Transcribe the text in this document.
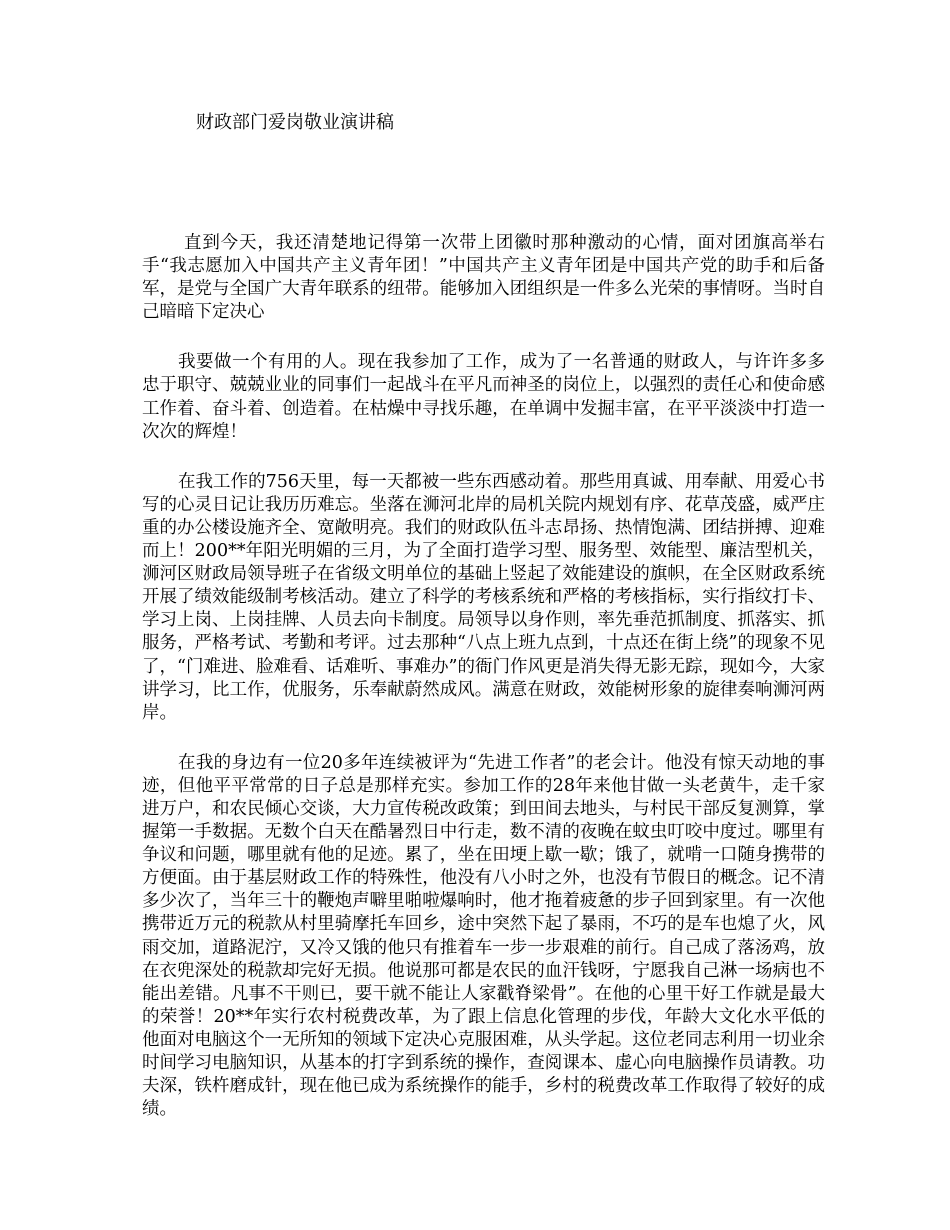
财政部门爱岗敬业演讲稿

直到今天，我还清楚地记得第一次带上团徽时那种激动的心情，面对团旗高举右手“我志愿加入中国共产主义青年团！”中国共产主义青年团是中国共产党的助手和后备军，是党与全国广大青年联系的纽带。能够加入团组织是一件多么光荣的事情呀。当时自己暗暗下定决心

我要做一个有用的人。现在我参加了工作，成为了一名普通的财政人，与许许多多忠于职守、兢兢业业的同事们一起战斗在平凡而神圣的岗位上，以强烈的责任心和使命感工作着、奋斗着、创造着。在枯燥中寻找乐趣，在单调中发掘丰富，在平平淡淡中打造一次次的辉煌！

在我工作的756天里，每一天都被一些东西感动着。那些用真诚、用奉献、用爱心书写的心灵日记让我历历难忘。坐落在浉河北岸的局机关院内规划有序、花草茂盛，威严庄重的办公楼设施齐全、宽敞明亮。我们的财政队伍斗志昂扬、热情饱满、团结拼搏、迎难而上！200**年阳光明媚的三月，为了全面打造学习型、服务型、效能型、廉洁型机关，浉河区财政局领导班子在省级文明单位的基础上竖起了效能建设的旗帜，在全区财政系统开展了绩效能级制考核活动。建立了科学的考核系统和严格的考核指标，实行指纹打卡、学习上岗、上岗挂牌、人员去向卡制度。局领导以身作则，率先垂范抓制度、抓落实、抓服务，严格考试、考勤和考评。过去那种“八点上班九点到，十点还在街上绕”的现象不见了，“门难进、脸难看、话难听、事难办”的衙门作风更是消失得无影无踪，现如今，大家讲学习，比工作，优服务，乐奉献蔚然成风。满意在财政，效能树形象的旋律奏响浉河两岸。

在我的身边有一位20多年连续被评为“先进工作者”的老会计。他没有惊天动地的事迹，但他平平常常的日子总是那样充实。参加工作的28年来他甘做一头老黄牛，走千家进万户，和农民倾心交谈，大力宣传税改政策；到田间去地头，与村民干部反复测算，掌握第一手数据。无数个白天在酷暑烈日中行走，数不清的夜晚在蚊虫叮咬中度过。哪里有争议和问题，哪里就有他的足迹。累了，坐在田埂上歇一歇；饿了，就啃一口随身携带的方便面。由于基层财政工作的特殊性，他没有八小时之外，也没有节假日的概念。记不清多少次了，当年三十的鞭炮声噼里啪啦爆响时，他才拖着疲惫的步子回到家里。有一次他携带近万元的税款从村里骑摩托车回乡，途中突然下起了暴雨，不巧的是车也熄了火，风雨交加，道路泥泞，又冷又饿的他只有推着车一步一步艰难的前行。自己成了落汤鸡，放在衣兜深处的税款却完好无损。他说那可都是农民的血汗钱呀，宁愿我自己淋一场病也不能出差错。凡事不干则已，要干就不能让人家戳脊梁骨”。在他的心里干好工作就是最大的荣誉！20**年实行农村税费改革，为了跟上信息化管理的步伐，年龄大文化水平低的他面对电脑这个一无所知的领域下定决心克服困难，从头学起。这位老同志利用一切业余时间学习电脑知识，从基本的打字到系统的操作，查阅课本、虚心向电脑操作员请教。功夫深，铁杵磨成针，现在他已成为系统操作的能手，乡村的税费改革工作取得了较好的成绩。
